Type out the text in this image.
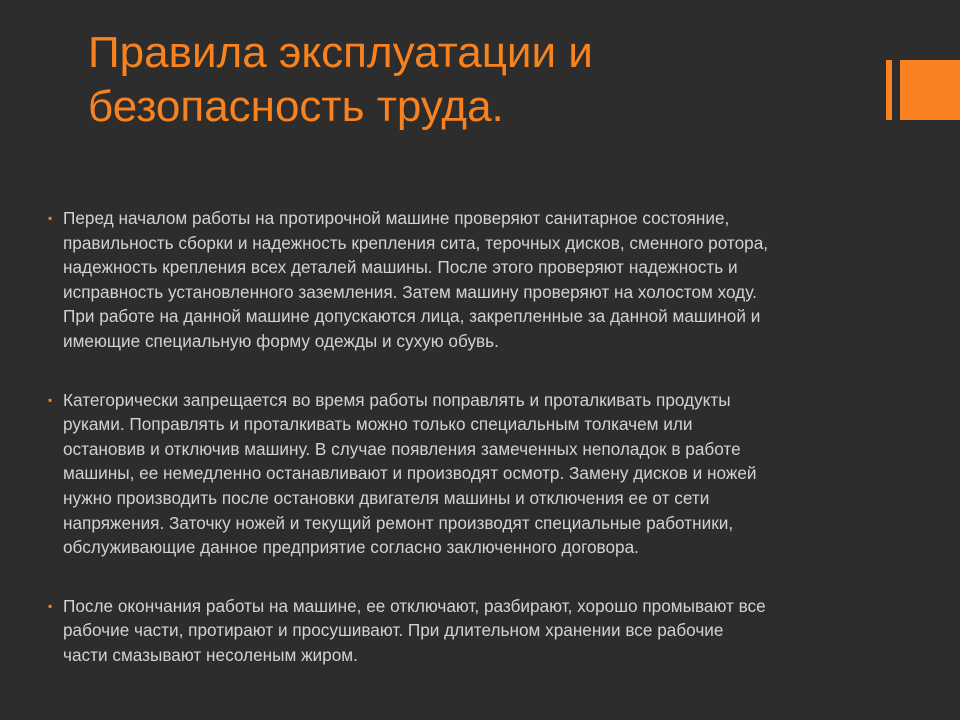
Правила эксплуатации и
безопасность труда.
▪ Перед началом работы на протирочной машине проверяют санитарное состояние,
правильность сборки и надежность крепления сита, терочных дисков, сменного ротора,
надежность крепления всех деталей машины. После этого проверяют надежность и
исправность установленного заземления. Затем машину проверяют на холостом ходу.
При работе на данной машине допускаются лица, закрепленные за данной машиной и
имеющие специальную форму одежды и сухую обувь.
▪ Категорически запрещается во время работы поправлять и проталкивать продукты
руками. Поправлять и проталкивать можно только специальным толкачем или
остановив и отключив машину. В случае появления замеченных неполадок в работе
машины, ее немедленно останавливают и производят осмотр. Замену дисков и ножей
нужно производить после остановки двигателя машины и отключения ее от сети
напряжения. Заточку ножей и текущий ремонт производят специальные работники,
обслуживающие данное предприятие согласно заключенного договора.
▪ После окончания работы на машине, ее отключают, разбирают, хорошо промывают все
рабочие части, протирают и просушивают. При длительном хранении все рабочие
части смазывают несоленым жиром.
